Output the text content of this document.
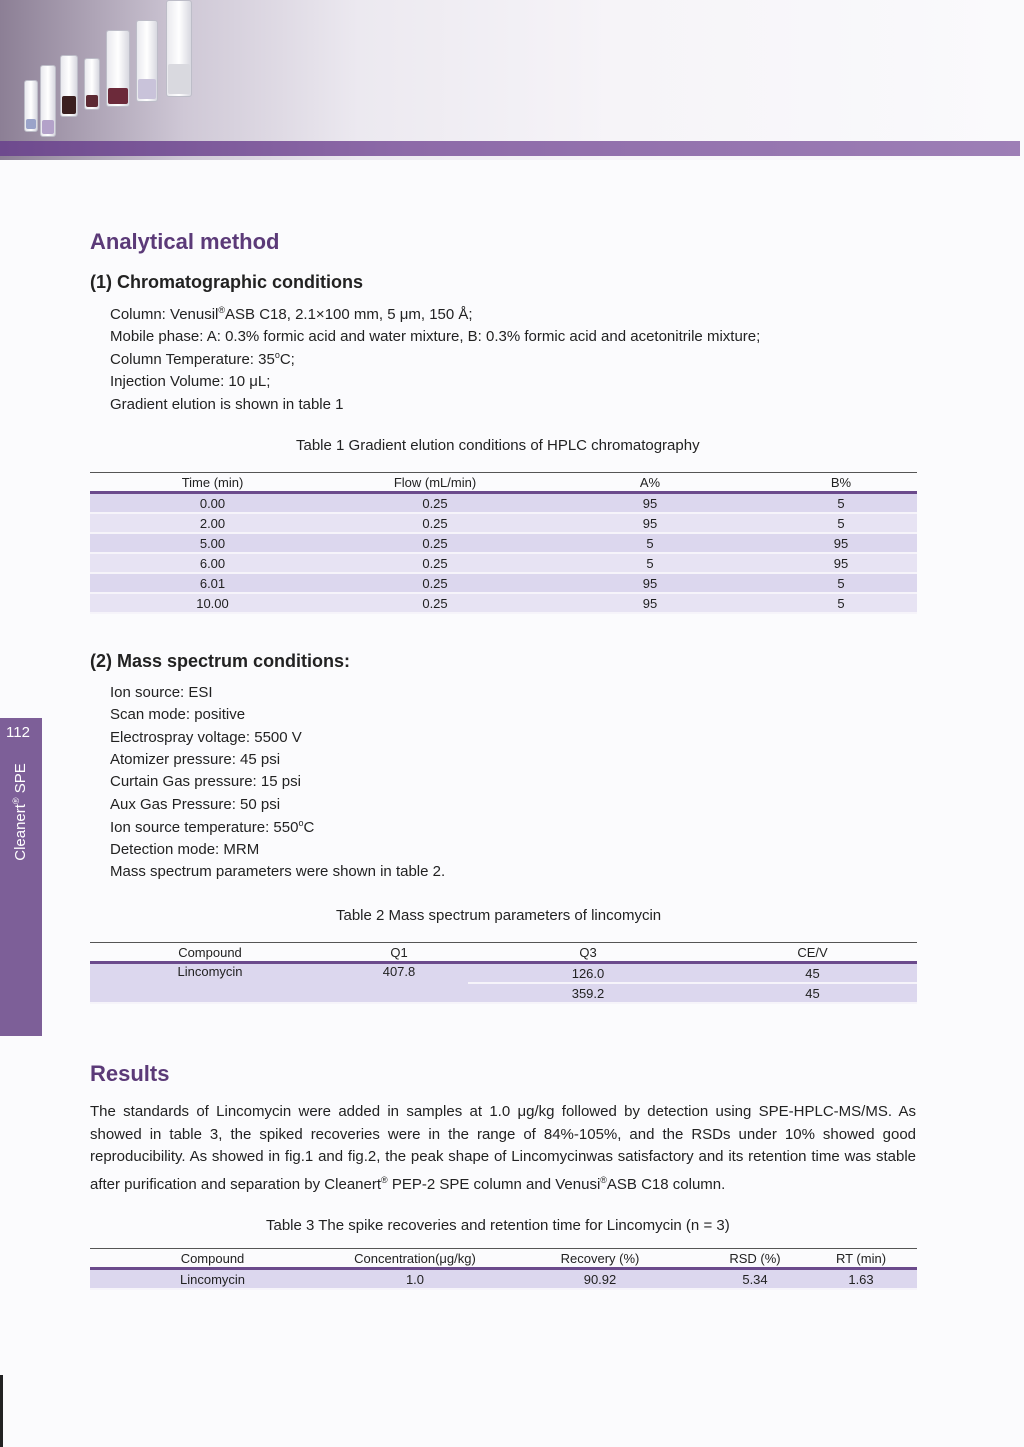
112
Cleanert® SPE
Analytical method
(1) Chromatographic conditions
Column: Venusil®ASB C18, 2.1×100 mm, 5 μm, 150 Å;
Mobile phase: A: 0.3% formic acid and water mixture, B: 0.3% formic acid and acetonitrile mixture;
Column Temperature: 35$^o$C;
Injection Volume: 10 μL;
Gradient elution is shown in table 1
Table 1 Gradient elution conditions of HPLC chromatography
Time (min)	Flow (mL/min)	A%	B%
0.00	0.25	95	5
2.00	0.25	95	5
5.00	0.25	5	95
6.00	0.25	5	95
6.01	0.25	95	5
10.00	0.25	95	5
(2) Mass spectrum conditions:
Ion source: ESI
Scan mode: positive
Electrospray voltage: 5500 V
Atomizer pressure: 45 psi
Curtain Gas pressure: 15 psi
Aux Gas Pressure: 50 psi
Ion source temperature: 550$^o$C
Detection mode: MRM
Mass spectrum parameters were shown in table 2.
Table 2 Mass spectrum parameters of lincomycin
Compound	Q1	Q3	CE/V
Lincomycin	407.8	126.0	45
		359.2	45
Results
The standards of Lincomycin were added in samples at 1.0 μg/kg followed by detection using SPE-HPLC-MS/MS. As showed in table 3, the spiked recoveries were in the range of 84%-105%, and the RSDs under 10% showed good reproducibility. As showed in fig.1 and fig.2, the peak shape of Lincomycinwas satisfactory and its retention time was stable after purification and separation by Cleanert® PEP-2 SPE column and Venusi®ASB C18 column.
Table 3 The spike recoveries and retention time for Lincomycin (n = 3)
Compound	Concentration(μg/kg)	Recovery (%)	RSD (%)	RT (min)
Lincomycin	1.0	90.92	5.34	1.63
